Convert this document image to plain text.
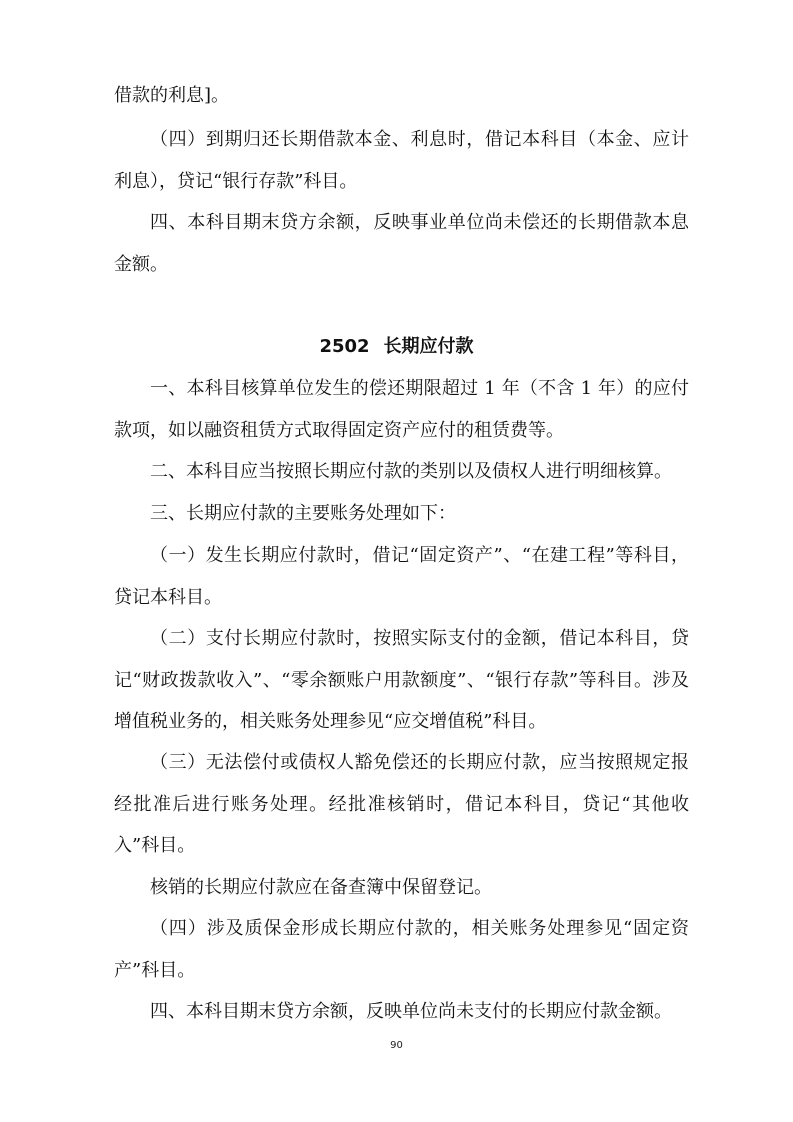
借款的利息]。
（四）到期归还长期借款本金、利息时，借记本科目（本金、应计利息），贷记“银行存款”科目。
四、本科目期末贷方余额，反映事业单位尚未偿还的长期借款本息金额。
2502 长期应付款
一、本科目核算单位发生的偿还期限超过 1 年（不含 1 年）的应付款项，如以融资租赁方式取得固定资产应付的租赁费等。
二、本科目应当按照长期应付款的类别以及债权人进行明细核算。
三、长期应付款的主要账务处理如下：
（一）发生长期应付款时，借记“固定资产”、“在建工程”等科目，贷记本科目。
（二）支付长期应付款时，按照实际支付的金额，借记本科目，贷记“财政拨款收入”、“零余额账户用款额度”、“银行存款”等科目。涉及增值税业务的，相关账务处理参见“应交增值税”科目。
（三）无法偿付或债权人豁免偿还的长期应付款，应当按照规定报经批准后进行账务处理。经批准核销时，借记本科目，贷记“其他收入”科目。
核销的长期应付款应在备查簿中保留登记。
（四）涉及质保金形成长期应付款的，相关账务处理参见“固定资产”科目。
四、本科目期末贷方余额，反映单位尚未支付的长期应付款金额。
90
